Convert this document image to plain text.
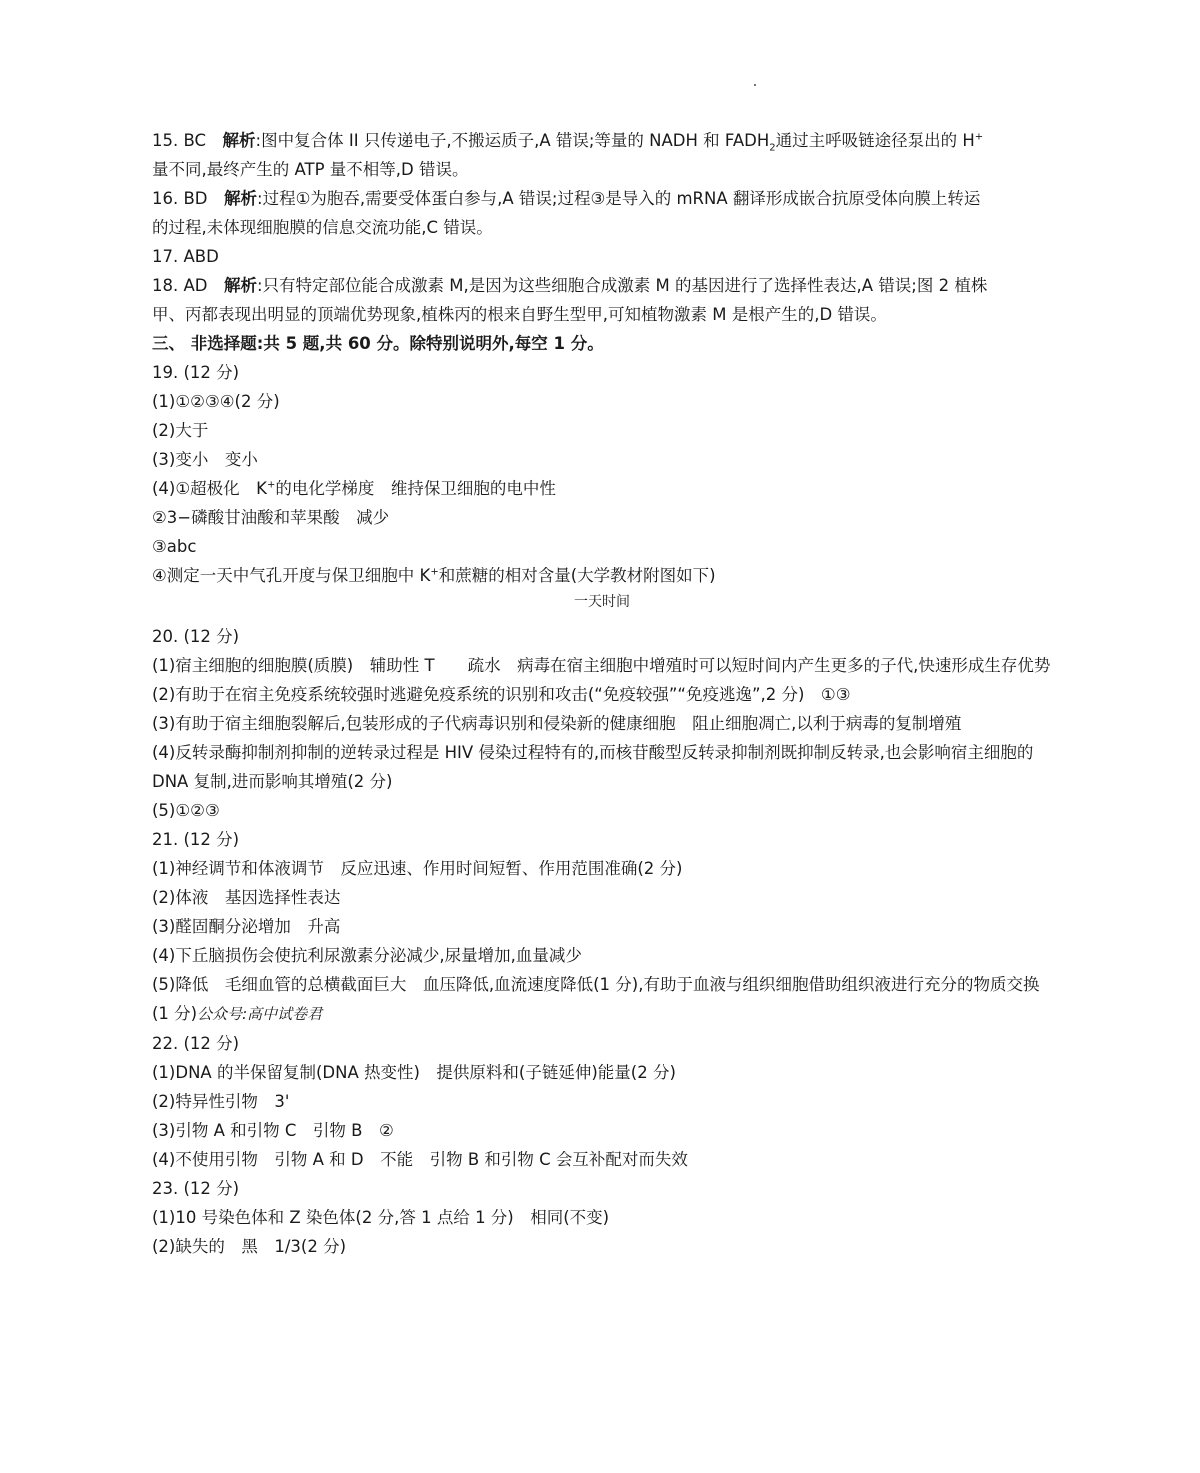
15. BC　 解析:图中复合体 II 只传递电子,不搬运质子,A 错误;等量的 NADH 和 $FADH_2$通过主呼吸链途径泵出的 H+
量不同,最终产生的 ATP 量不相等,D 错误。
16. BD　 解析:过程①为胞吞,需要受体蛋白参与,A 错误;过程③是导入的 mRNA 翻译形成嵌合抗原受体向膜上转运
的过程,未体现细胞膜的信息交流功能,C 错误。
17. ABD
18. AD　 解析:只有特定部位能合成激素 M,是因为这些细胞合成激素 M 的基因进行了选择性表达,A 错误;图 2 植株
甲、丙都表现出明显的顶端优势现象,植株丙的根来自野生型甲,可知植物激素 M 是根产生的,D 错误。
三、 非选择题:共 5 题,共 60 分。除特别说明外,每空 1 分。
19. (12 分)
(1)①②③④(2 分)
(2)大于
(3)变小　变小
(4)①超极化　K+的电化学梯度　维持保卫细胞的电中性
②3−磷酸甘油酸和苹果酸　减少
③abc
④测定一天中气孔开度与保卫细胞中 K+和蔗糖的相对含量(大学教材附图如下)
一天时间
20. (12 分)
(1)宿主细胞的细胞膜(质膜)　辅助性 T　　疏水　病毒在宿主细胞中增殖时可以短时间内产生更多的子代,快速形成生存优势
(2)有助于在宿主免疫系统较强时逃避免疫系统的识别和攻击(“免疫较强”“免疫逃逸”,2 分)　①③
(3)有助于宿主细胞裂解后,包装形成的子代病毒识别和侵染新的健康细胞　阻止细胞凋亡,以利于病毒的复制增殖
(4)反转录酶抑制剂抑制的逆转录过程是 HIV 侵染过程特有的,而核苷酸型反转录抑制剂既抑制反转录,也会影响宿主细胞的 DNA 复制,进而影响其增殖(2 分)
(5)①②③
21. (12 分)
(1)神经调节和体液调节　反应迅速、作用时间短暂、作用范围准确(2 分)
(2)体液　基因选择性表达
(3)醛固酮分泌增加　升高
(4)下丘脑损伤会使抗利尿激素分泌减少,尿量增加,血量减少
(5)降低　毛细血管的总横截面巨大　血压降低,血流速度降低(1 分),有助于血液与组织细胞借助组织液进行充分的物质交换(1 分)公众号:高中试卷君
22. (12 分)
(1)DNA 的半保留复制(DNA 热变性)　提供原料和(子链延伸)能量(2 分)
(2)特异性引物　3'
(3)引物 A 和引物 C　引物 B　②
(4)不使用引物　引物 A 和 D　不能　引物 B 和引物 C 会互补配对而失效
23. (12 分)
(1)10 号染色体和 Z 染色体(2 分,答 1 点给 1 分)　相同(不变)
(2)缺失的　黑　1/3(2 分)
